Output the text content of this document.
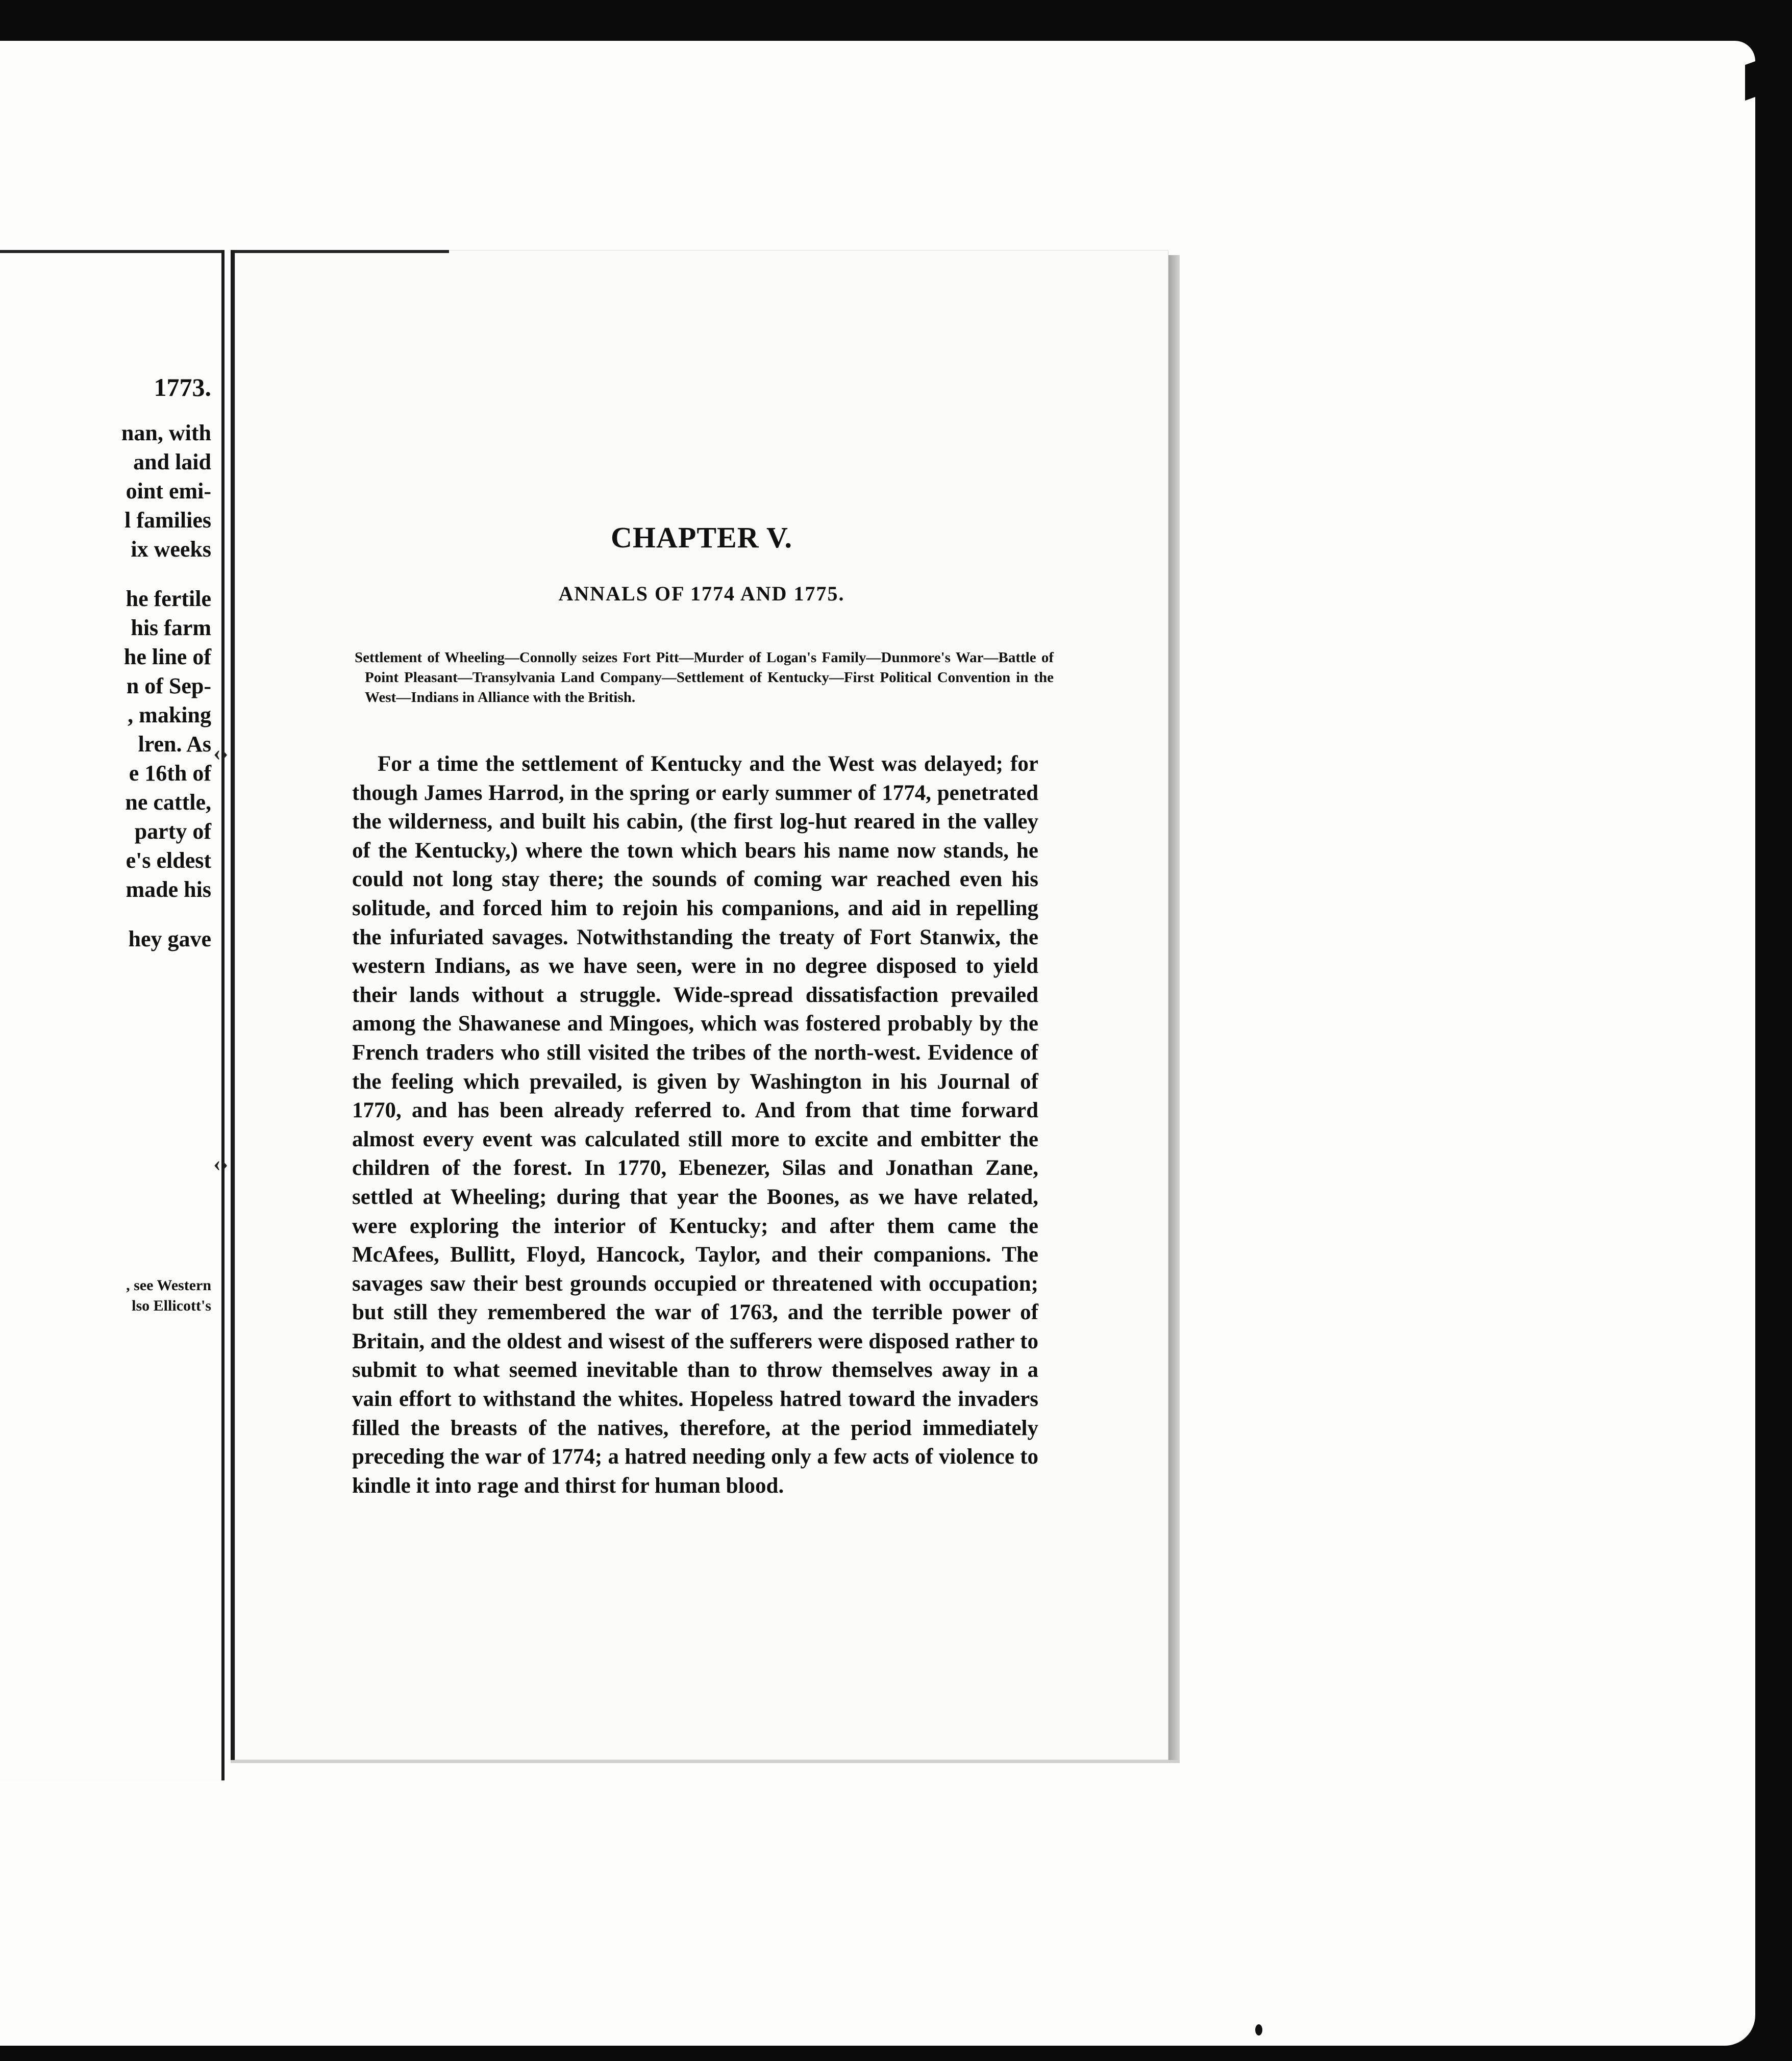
1773.

nan, with
and laid
oint emi-
l families
ix weeks
he fertile
his farm
he line of
n of Sep-
, making
lren. As
e 16th of
ne cattle,
party of
e's eldest
made his
hey gave
, see Western
lso Ellicott's
‹›
‹›
CHAPTER V.
ANNALS OF 1774 AND 1775.

Settlement of Wheeling—Connolly seizes Fort Pitt—Murder of Logan's Family—Dunmore's War—Battle of Point Pleasant—Transylvania Land Company—Settlement of Kentucky—First Political Convention in the West—Indians in Alliance with the British.

For a time the settlement of Kentucky and the West was delayed; for though James Harrod, in the spring or early summer of 1774, penetrated the wilderness, and built his cabin, (the first log-hut reared in the valley of the Kentucky,) where the town which bears his name now stands, he could not long stay there; the sounds of coming war reached even his solitude, and forced him to rejoin his companions, and aid in repelling the infuriated savages. Notwithstanding the treaty of Fort Stanwix, the western Indians, as we have seen, were in no degree disposed to yield their lands without a struggle. Wide-spread dissatisfaction prevailed among the Shawanese and Mingoes, which was fostered probably by the French traders who still visited the tribes of the north-west. Evidence of the feeling which prevailed, is given by Washington in his Journal of 1770, and has been already referred to. And from that time forward almost every event was calculated still more to excite and embitter the children of the forest. In 1770, Ebenezer, Silas and Jonathan Zane, settled at Wheeling; during that year the Boones, as we have related, were exploring the interior of Kentucky; and after them came the McAfees, Bullitt, Floyd, Hancock, Taylor, and their companions. The savages saw their best grounds occupied or threatened with occupation; but still they remembered the war of 1763, and the terrible power of Britain, and the oldest and wisest of the sufferers were disposed rather to submit to what seemed inevitable than to throw themselves away in a vain effort to withstand the whites. Hopeless hatred toward the invaders filled the breasts of the natives, therefore, at the period immediately preceding the war of 1774; a hatred needing only a few acts of violence to kindle it into rage and thirst for human blood.
